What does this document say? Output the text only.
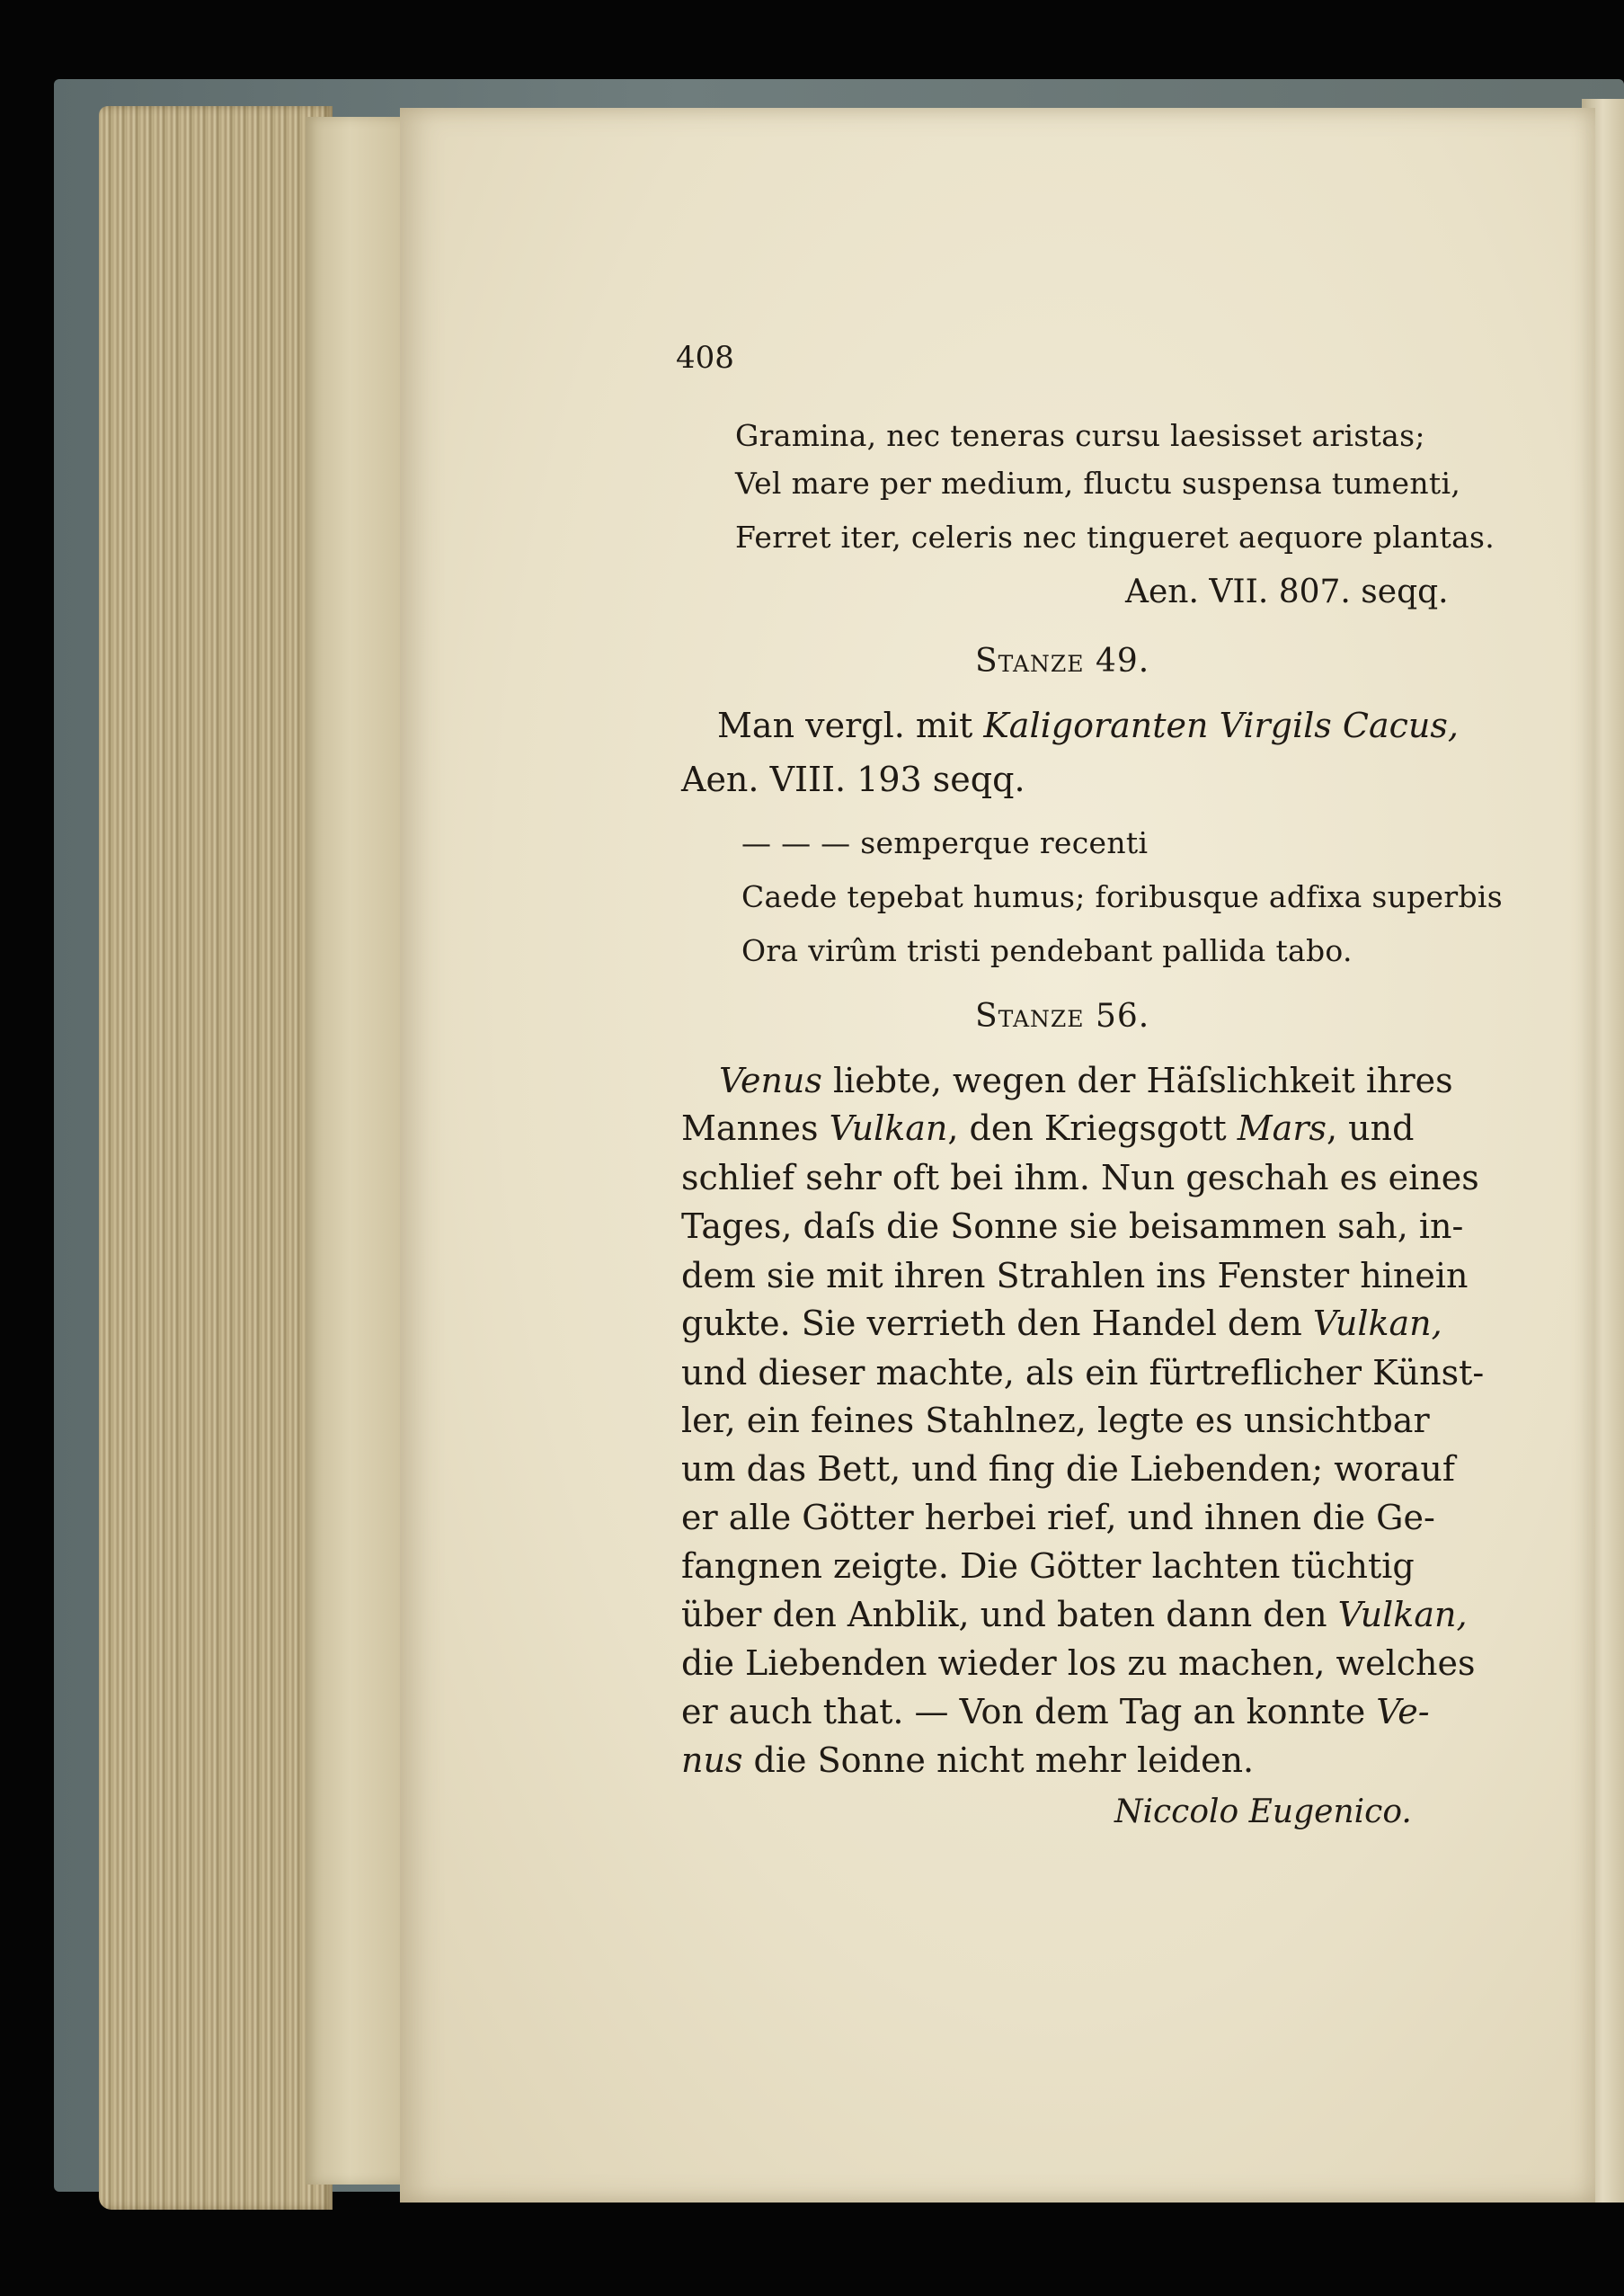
408
Gramina, nec teneras cursu laesisset aristas;
Vel mare per medium, fluctu suspensa tumenti,
Ferret iter, celeris nec tingueret aequore plantas.
Aen. VII. 807. seqq.
Stanze 49.
Man vergl. mit Kaligoranten Virgils Cacus,
Aen. VIII. 193 seqq.
— — — semperque recenti
Caede tepebat humus; foribusque adfixa superbis
Ora virûm tristi pendebant pallida tabo.
Stanze 56.
Venus liebte, wegen der Häſslichkeit ihres
Mannes Vulkan, den Kriegsgott Mars, und
schlief sehr oft bei ihm. Nun geschah es eines
Tages, daſs die Sonne sie beisammen sah, in-
dem sie mit ihren Strahlen ins Fenster hinein
gukte. Sie verrieth den Handel dem Vulkan,
und dieser machte, als ein fürtreflicher Künst-
ler, ein feines Stahlnez, legte es unsichtbar
um das Bett, und fing die Liebenden; worauf
er alle Götter herbei rief, und ihnen die Ge-
fangnen zeigte. Die Götter lachten tüchtig
über den Anblik, und baten dann den Vulkan,
die Liebenden wieder los zu machen, welches
er auch that. — Von dem Tag an konnte Ve-
nus die Sonne nicht mehr leiden.
Niccolo Eugenico.
